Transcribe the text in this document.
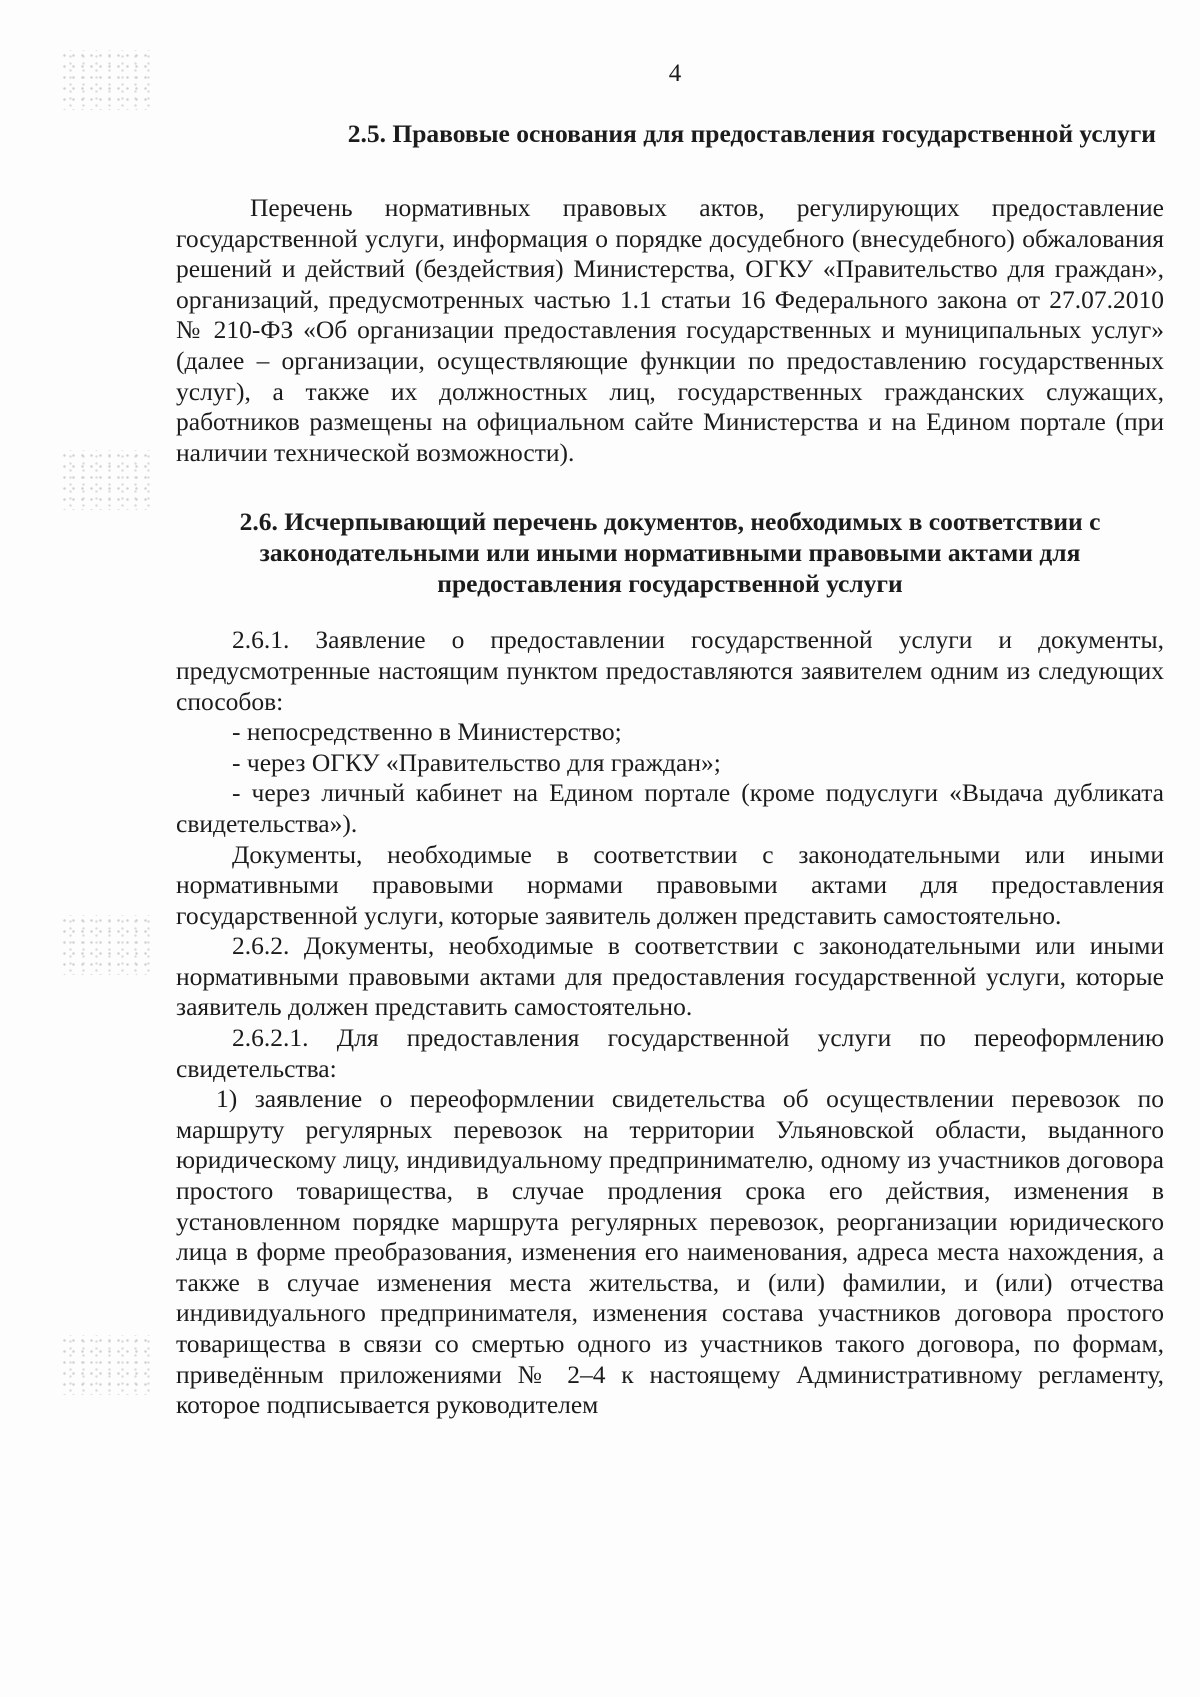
4
2.5. Правовые основания для предоставления государственной услуги

Перечень нормативных правовых актов, регулирующих предоставление государственной услуги, информация о порядке досудебного (внесудебного) обжалования решений и действий (бездействия) Министерства, ОГКУ «Правительство для граждан», организаций, предусмотренных частью 1.1 статьи 16 Федерального закона от 27.07.2010 № 210-ФЗ «Об организации предоставления государственных и муниципальных услуг» (далее – организации, осуществляющие функции по предоставлению государственных услуг), а также их должностных лиц, государственных гражданских служащих, работников размещены на официальном сайте Министерства и на Едином портале (при наличии технической возможности).

2.6. Исчерпывающий перечень документов, необходимых в соответствии с законодательными или иными нормативными правовыми актами для предоставления государственной услуги

2.6.1. Заявление о предоставлении государственной услуги и документы, предусмотренные настоящим пунктом предоставляются заявителем одним из следующих способов:

- непосредственно в Министерство;

- через ОГКУ «Правительство для граждан»;

- через личный кабинет на Едином портале (кроме подуслуги «Выдача дубликата свидетельства»).

Документы, необходимые в соответствии с законодательными или иными нормативными правовыми нормами правовыми актами для предоставления государственной услуги, которые заявитель должен представить самостоятельно.

2.6.2. Документы, необходимые в соответствии с законодательными или иными нормативными правовыми актами для предоставления государственной услуги, которые заявитель должен представить самостоятельно.

2.6.2.1. Для предоставления государственной услуги по переоформлению свидетельства:

1) заявление о переоформлении свидетельства об осуществлении перевозок по маршруту регулярных перевозок на территории Ульяновской области, выданного юридическому лицу, индивидуальному предпринимателю, одному из участников договора простого товарищества, в случае продления срока его действия, изменения в установленном порядке маршрута регулярных перевозок, реорганизации юридического лица в форме преобразования, изменения его наименования, адреса места нахождения, а также в случае изменения места жительства, и (или) фамилии, и (или) отчества индивидуального предпринимателя, изменения состава участников договора простого товарищества в связи со смертью одного из участников такого договора, по формам, приведённым приложениями № 2–4 к настоящему Административному регламенту, которое подписывается руководителем
